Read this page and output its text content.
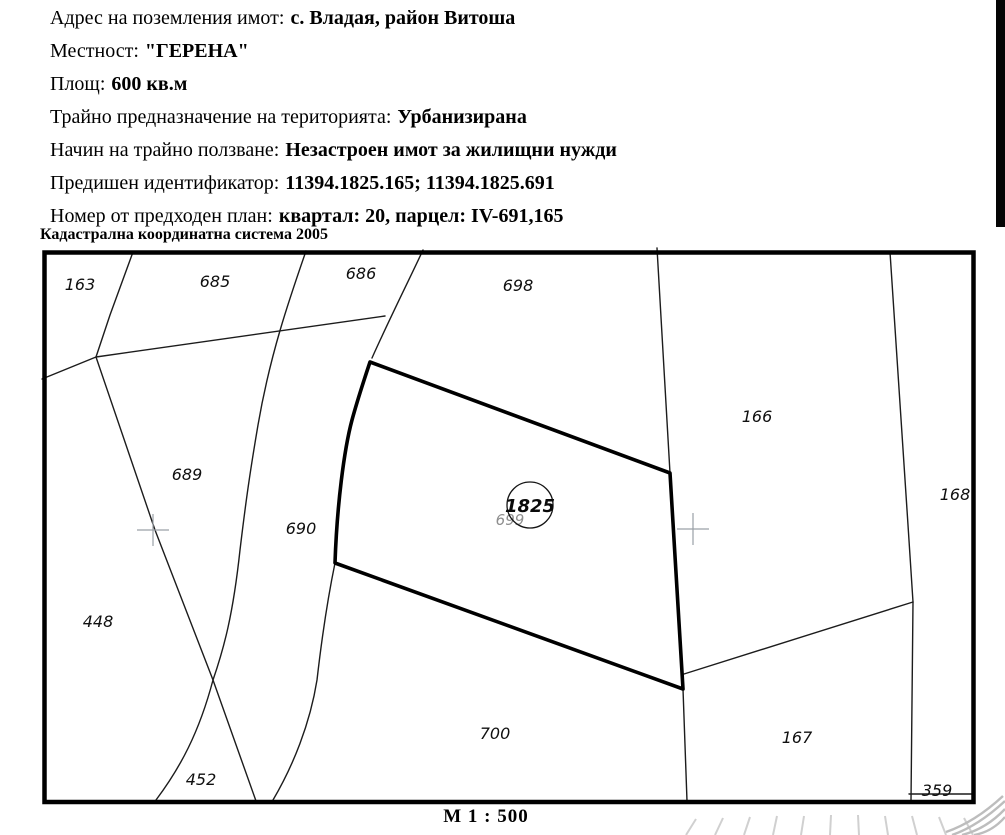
Адрес на поземления имот: с. Владая, район Витоша
Местност: "ГЕРЕНА"
Площ: 600 кв.м
Трайно предназначение на територията: Урбанизирана
Начин на трайно ползване: Незастроен имот за жилищни нужди
Предишен идентификатор: 11394.1825.165; 11394.1825.691
Номер от предходен план: квартал: 20, парцел: IV-691,165
Кадастрална координатна система 2005
163	685	686
698
166
168
689
690
448
452
700	167
359
699
1825
М 1 : 500
